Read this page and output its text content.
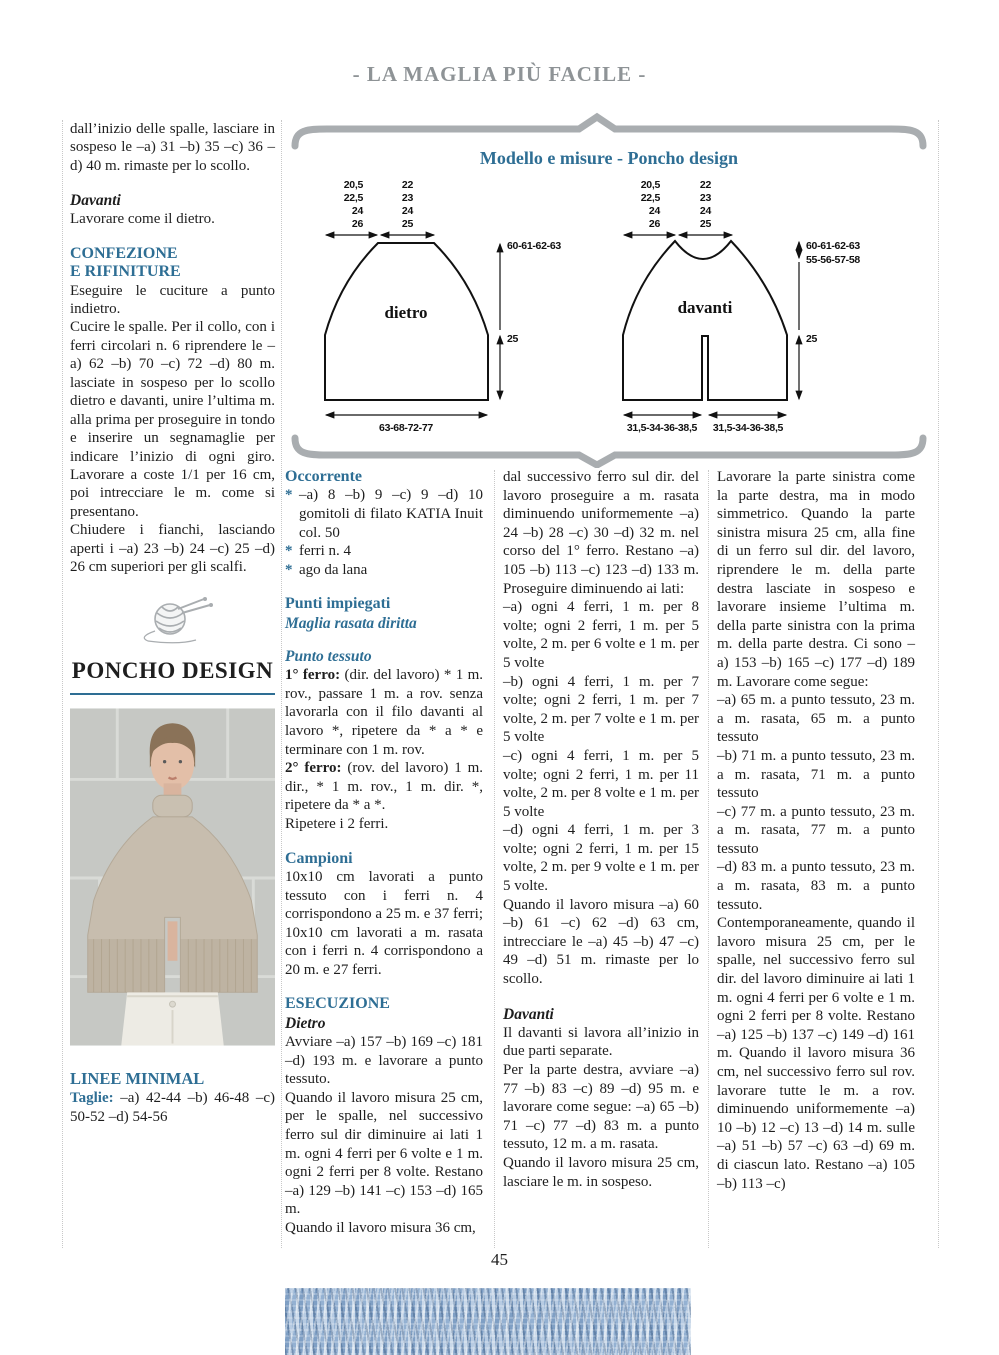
- LA MAGLIA PIÙ FACILE -

dall’inizio delle spalle, lasciare in sospeso le –a) 31 –b) 35 –c) 36 –d) 40 m. rimaste per lo scollo.

Davanti

Lavorare come il dietro.

CONFEZIONE
E RIFINITURE

Eseguire le cuciture a punto indietro.

Cucire le spalle. Per il collo, con i ferri circolari n. 6 riprendere le –a) 62 –b) 70 –c) 72 –d) 80 m. lasciate in sospeso per lo scollo dietro e davanti, unire l’ultima m. alla prima per proseguire in tondo e inserire un segnamaglie per indicare l’inizio di ogni giro. Lavorare a coste 1/1 per 16 cm, poi intrecciare le m. come si presentano.

Chiudere i fianchi, lasciando aperti i –a) 23 –b) 24 –c) 25 –d) 26 cm superiori per gli scalfi.

PONCHO DESIGN
LINEE MINIMAL

Taglie: –a) 42-44 –b) 46-48 –c) 50-52 –d) 54-56

Modello e misure - Poncho design
20,5
22,5
24
26
22
23
24
25
dietro
60-61-62-63
25
63-68-72-77
20,5
22,5
24
26
22
23
24
25
davanti
60-61-62-63
55-56-57-58
25
31,5-34-36-38,5 31,5-34-36-38,5
Occorrente
* –a) 8 –b) 9 –c) 9 –d) 10 gomitoli di filato KATIA Inuit col. 50
* ferri n. 4
* ago da lana
Punti impiegati
Maglia rasata diritta
Punto tessuto

1° ferro: (dir. del lavoro) * 1 m. rov., passare 1 m. a rov. senza lavorarla con il filo davanti al lavoro *, ripetere da * a * e terminare con 1 m. rov.

2° ferro: (rov. del lavoro) 1 m. dir., * 1 m. rov., 1 m. dir. *, ripetere da * a *.

Ripetere i 2 ferri.

Campioni

10x10 cm lavorati a punto tessuto con i ferri n. 4 corrispondono a 25 m. e 37 ferri; 10x10 cm lavorati a m. rasata con i ferri n. 4 corrispondono a 20 m. e 27 ferri.

ESECUZIONE
Dietro

Avviare –a) 157 –b) 169 –c) 181 –d) 193 m. e lavorare a punto tessuto.

Quando il lavoro misura 25 cm, per le spalle, nel successivo ferro sul dir diminuire ai lati 1 m. ogni 4 ferri per 6 volte e 1 m. ogni 2 ferri per 8 volte. Restano –a) 129 –b) 141 –c) 153 –d) 165 m.

Quando il lavoro misura 36 cm,

dal successivo ferro sul dir. del lavoro proseguire a m. rasata diminuendo uniformemente –a) 24 –b) 28 –c) 30 –d) 32 m. nel corso del 1° ferro. Restano –a) 105 –b) 113 –c) 123 –d) 133 m. Proseguire diminuendo ai lati:

–a) ogni 4 ferri, 1 m. per 8 volte; ogni 2 ferri, 1 m. per 5 volte, 2 m. per 6 volte e 1 m. per 5 volte

–b) ogni 4 ferri, 1 m. per 7 volte; ogni 2 ferri, 1 m. per 7 volte, 2 m. per 7 volte e 1 m. per 5 volte

–c) ogni 4 ferri, 1 m. per 5 volte; ogni 2 ferri, 1 m. per 11 volte, 2 m. per 8 volte e 1 m. per 5 volte

–d) ogni 4 ferri, 1 m. per 3 volte; ogni 2 ferri, 1 m. per 15 volte, 2 m. per 9 volte e 1 m. per 5 volte.

Quando il lavoro misura –a) 60 –b) 61 –c) 62 –d) 63 cm, intrecciare le –a) 45 –b) 47 –c) 49 –d) 51 m. rimaste per lo scollo.

Davanti

Il davanti si lavora all’inizio in due parti separate.

Per la parte destra, avviare –a) 77 –b) 83 –c) 89 –d) 95 m. e lavorare come segue: –a) 65 –b) 71 –c) 77 –d) 83 m. a punto tessuto, 12 m. a m. rasata.

Quando il lavoro misura 25 cm, lasciare le m. in sospeso.

Lavorare la parte sinistra come la parte destra, ma in modo simmetrico. Quando la parte sinistra misura 25 cm, alla fine di un ferro sul dir. del lavoro, riprendere le m. della parte destra lasciate in sospeso e lavorare insieme l’ultima m. della parte sinistra con la prima m. della parte destra. Ci sono –a) 153 –b) 165 –c) 177 –d) 189 m. Lavorare come segue:

–a) 65 m. a punto tessuto, 23 m. a m. rasata, 65 m. a punto tessuto

–b) 71 m. a punto tessuto, 23 m. a m. rasata, 71 m. a punto tessuto

–c) 77 m. a punto tessuto, 23 m. a m. rasata, 77 m. a punto tessuto

–d) 83 m. a punto tessuto, 23 m. a m. rasata, 83 m. a punto tessuto.

Contemporaneamente, quando il lavoro misura 25 cm, per le spalle, nel successivo ferro sul dir. del lavoro diminuire ai lati 1 m. ogni 4 ferri per 6 volte e 1 m. ogni 2 ferri per 8 volte. Restano –a) 125 –b) 137 –c) 149 –d) 161 m. Quando il lavoro misura 36 cm, nel successivo ferro sul rov. lavorare tutte le m. a rov. diminuendo uniformemente –a) 10 –b) 12 –c) 13 –d) 14 m. sulle –a) 51 –b) 57 –c) 63 –d) 69 m. di ciascun lato. Restano –a) 105 –b) 113 –c)

45
